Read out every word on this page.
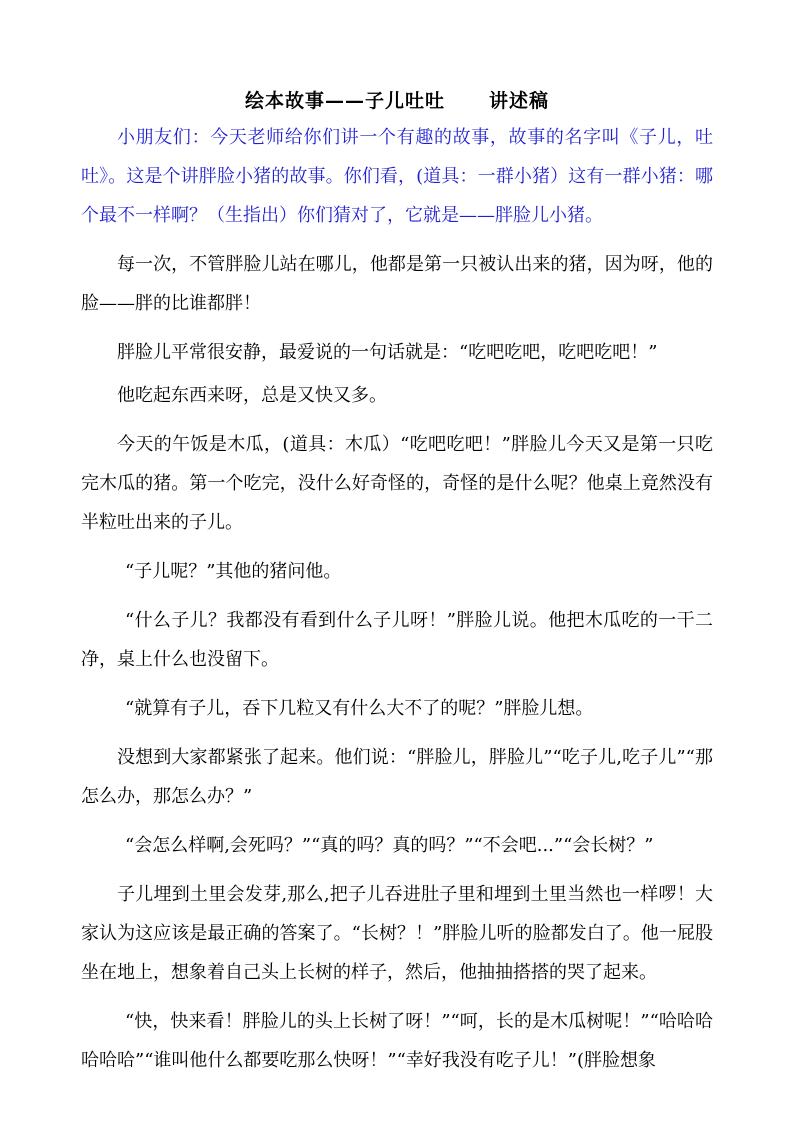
绘本故事——子儿吐吐 讲述稿

小朋友们：今天老师给你们讲一个有趣的故事，故事的名字叫《子儿，吐吐》。这是个讲胖脸小猪的故事。你们看，(道具：一群小猪）这有一群小猪：哪个最不一样啊？（生指出）你们猜对了，它就是——胖脸儿小猪。

每一次，不管胖脸儿站在哪儿，他都是第一只被认出来的猪，因为呀，他的脸——胖的比谁都胖！

胖脸儿平常很安静，最爱说的一句话就是：“吃吧吃吧，吃吧吃吧！”

他吃起东西来呀，总是又快又多。

今天的午饭是木瓜，(道具：木瓜）“吃吧吃吧！”胖脸儿今天又是第一只吃完木瓜的猪。第一个吃完，没什么好奇怪的，奇怪的是什么呢？他桌上竟然没有半粒吐出来的子儿。

“子儿呢？”其他的猪问他。

“什么子儿？我都没有看到什么子儿呀！”胖脸儿说。他把木瓜吃的一干二净，桌上什么也没留下。

“就算有子儿，吞下几粒又有什么大不了的呢？”胖脸儿想。

没想到大家都紧张了起来。他们说：“胖脸儿，胖脸儿”“吃子儿,吃子儿”“那怎么办，那怎么办？”

“会怎么样啊,会死吗？”“真的吗？真的吗？”“不会吧...”“会长树？”

子儿埋到土里会发芽,那么,把子儿吞进肚子里和埋到土里当然也一样啰！大家认为这应该是最正确的答案了。“长树？！”胖脸儿听的脸都发白了。他一屁股坐在地上，想象着自己头上长树的样子，然后，他抽抽搭搭的哭了起来。

“快，快来看！胖脸儿的头上长树了呀！”“呵，长的是木瓜树呢！”“哈哈哈 哈哈哈”“谁叫他什么都要吃那么快呀！”“幸好我没有吃子儿！”(胖脸想象
